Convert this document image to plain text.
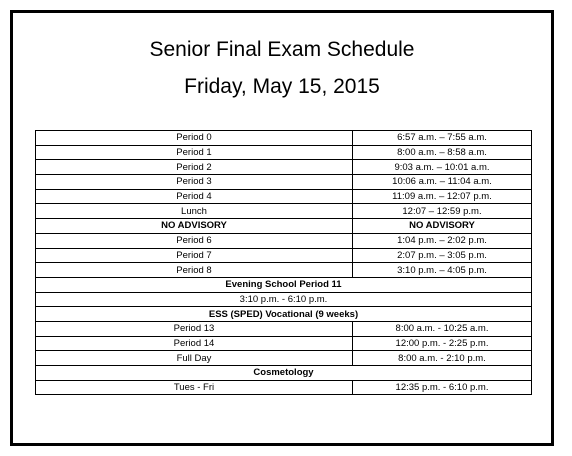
Senior Final Exam Schedule
Friday, May 15, 2015
Period 0	6:57 a.m. – 7:55 a.m.
Period 1	8:00 a.m. – 8:58 a.m.
Period 2	9:03 a.m. – 10:01 a.m.
Period 3	10:06 a.m. – 11:04 a.m.
Period 4	11:09 a.m. – 12:07 p.m.
Lunch	12:07 – 12:59 p.m.
NO ADVISORY	NO ADVISORY
Period 6	1:04 p.m. – 2:02 p.m.
Period 7	2:07 p.m. – 3:05 p.m.
Period 8	3:10 p.m. – 4:05 p.m.
Evening School Period 11	
3:10 p.m. - 6:10 p.m.	
ESS (SPED) Vocational (9 weeks)	
Period 13	8:00 a.m. - 10:25 a.m.
Period 14	12:00 p.m. - 2:25 p.m.
Full Day	8:00 a.m. - 2:10 p.m.
Cosmetology	
Tues - Fri	12:35 p.m. - 6:10 p.m.
